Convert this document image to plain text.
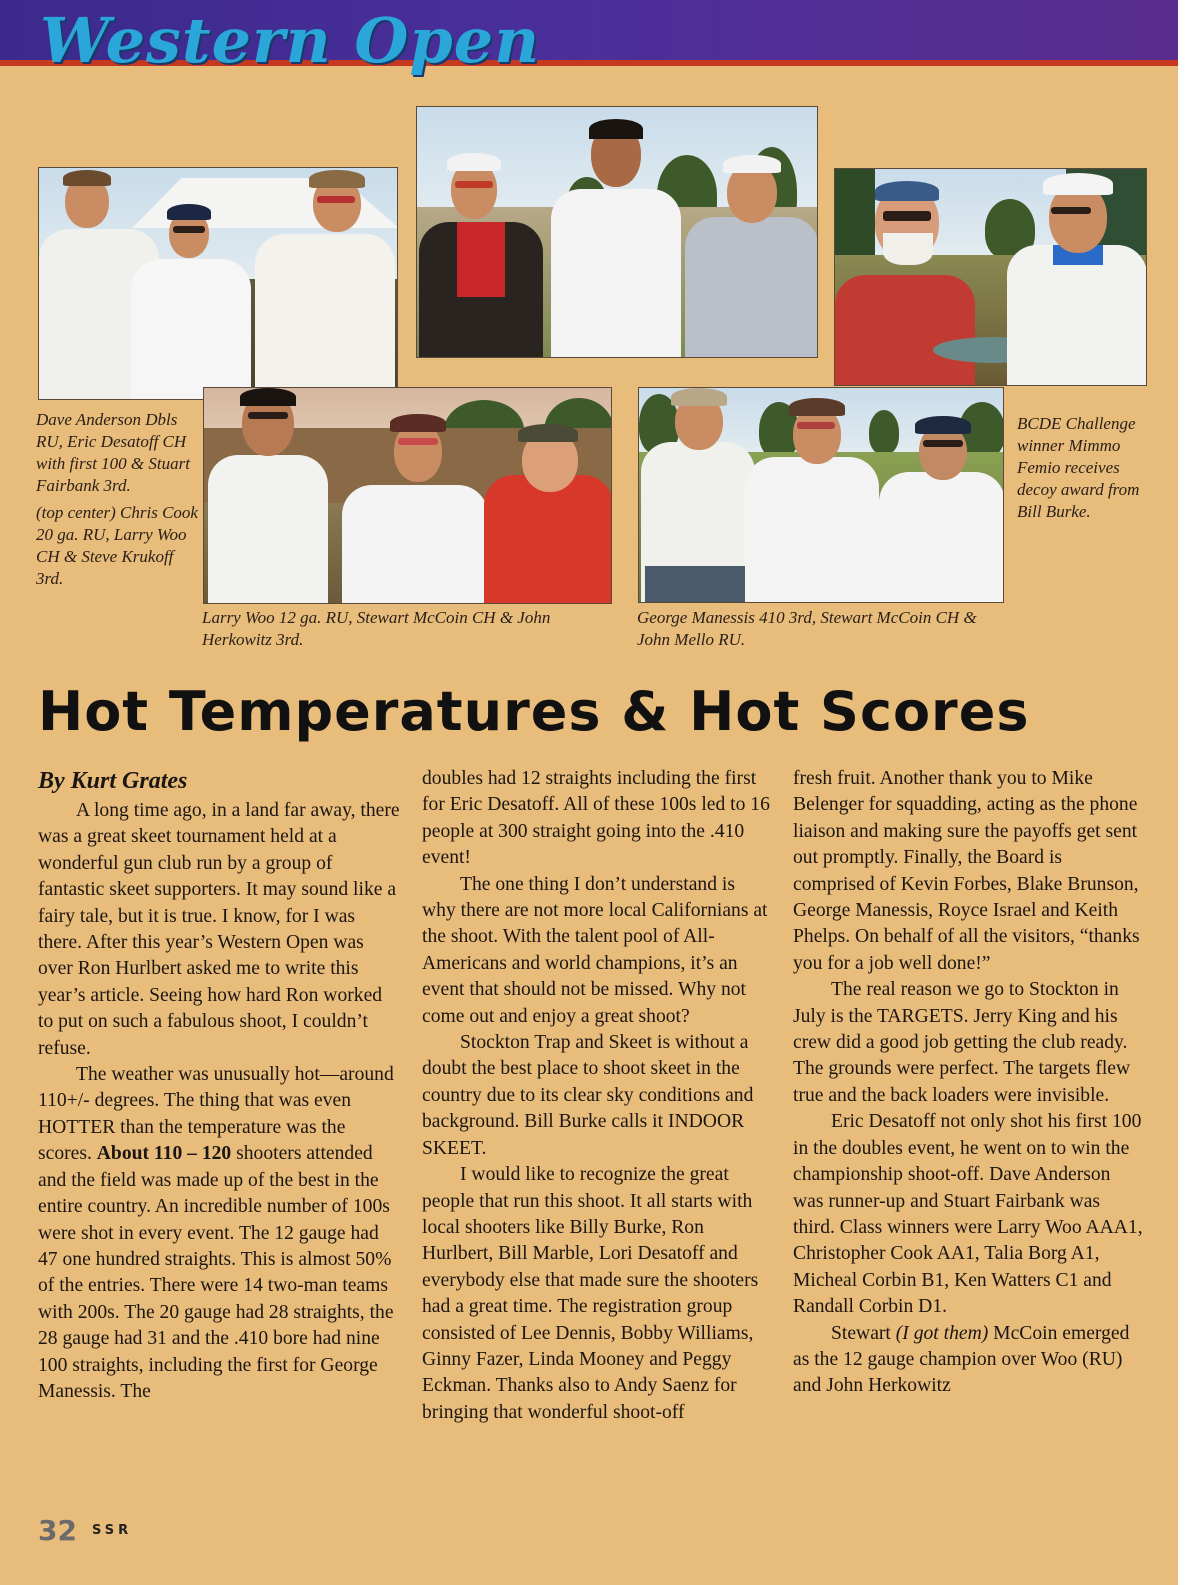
Western Open
Dave Anderson Dbls RU, Eric Desatoff CH with first 100 & Stuart Fairbank 3rd.
(top center) Chris Cook 20 ga. RU, Larry Woo CH & Steve Krukoff 3rd.
BCDE Challenge winner Mimmo Femio receives decoy award from Bill Burke.
Larry Woo 12 ga. RU, Stewart McCoin CH & John Herkowitz 3rd.
George Manessis 410 3rd, Stewart McCoin CH & John Mello RU.
Hot Temperatures & Hot Scores
By Kurt Grates

A long time ago, in a land far away, there was a great skeet tournament held at a wonderful gun club run by a group of fantastic skeet supporters. It may sound like a fairy tale, but it is true. I know, for I was there. After this year’s Western Open was over Ron Hurlbert asked me to write this year’s article. Seeing how hard Ron worked to put on such a fabulous shoot, I couldn’t refuse.

The weather was unusually hot—around 110+/- degrees. The thing that was even HOTTER than the temperature was the scores. About 110 – 120 shooters attended and the field was made up of the best in the entire country. An incredible number of 100s were shot in every event. The 12 gauge had 47 one hundred straights. This is almost 50% of the entries. There were 14 two-man teams with 200s. The 20 gauge had 28 straights, the 28 gauge had 31 and the .410 bore had nine 100 straights, including the first for George Manessis. The

doubles had 12 straights including the first for Eric Desatoff. All of these 100s led to 16 people at 300 straight going into the .410 event!

The one thing I don’t understand is why there are not more local Californians at the shoot. With the talent pool of All-Americans and world champions, it’s an event that should not be missed. Why not come out and enjoy a great shoot?

Stockton Trap and Skeet is without a doubt the best place to shoot skeet in the country due to its clear sky conditions and background. Bill Burke calls it INDOOR SKEET.

I would like to recognize the great people that run this shoot. It all starts with local shooters like Billy Burke, Ron Hurlbert, Bill Marble, Lori Desatoff and everybody else that made sure the shooters had a great time. The registration group consisted of Lee Dennis, Bobby Williams, Ginny Fazer, Linda Mooney and Peggy Eckman. Thanks also to Andy Saenz for bringing that wonderful shoot-off

fresh fruit. Another thank you to Mike Belenger for squadding, acting as the phone liaison and making sure the payoffs get sent out promptly. Finally, the Board is comprised of Kevin Forbes, Blake Brunson, George Manessis, Royce Israel and Keith Phelps. On behalf of all the visitors, “thanks you for a job well done!”

The real reason we go to Stockton in July is the TARGETS. Jerry King and his crew did a good job getting the club ready. The grounds were perfect. The targets flew true and the back loaders were invisible.

Eric Desatoff not only shot his first 100 in the doubles event, he went on to win the championship shoot-off. Dave Anderson was runner-up and Stuart Fairbank was third. Class winners were Larry Woo AAA1, Christopher Cook AA1, Talia Borg A1, Micheal Corbin B1, Ken Watters C1 and Randall Corbin D1.

Stewart (I got them) McCoin emerged as the 12 gauge champion over Woo (RU) and John Herkowitz

32 SSR
